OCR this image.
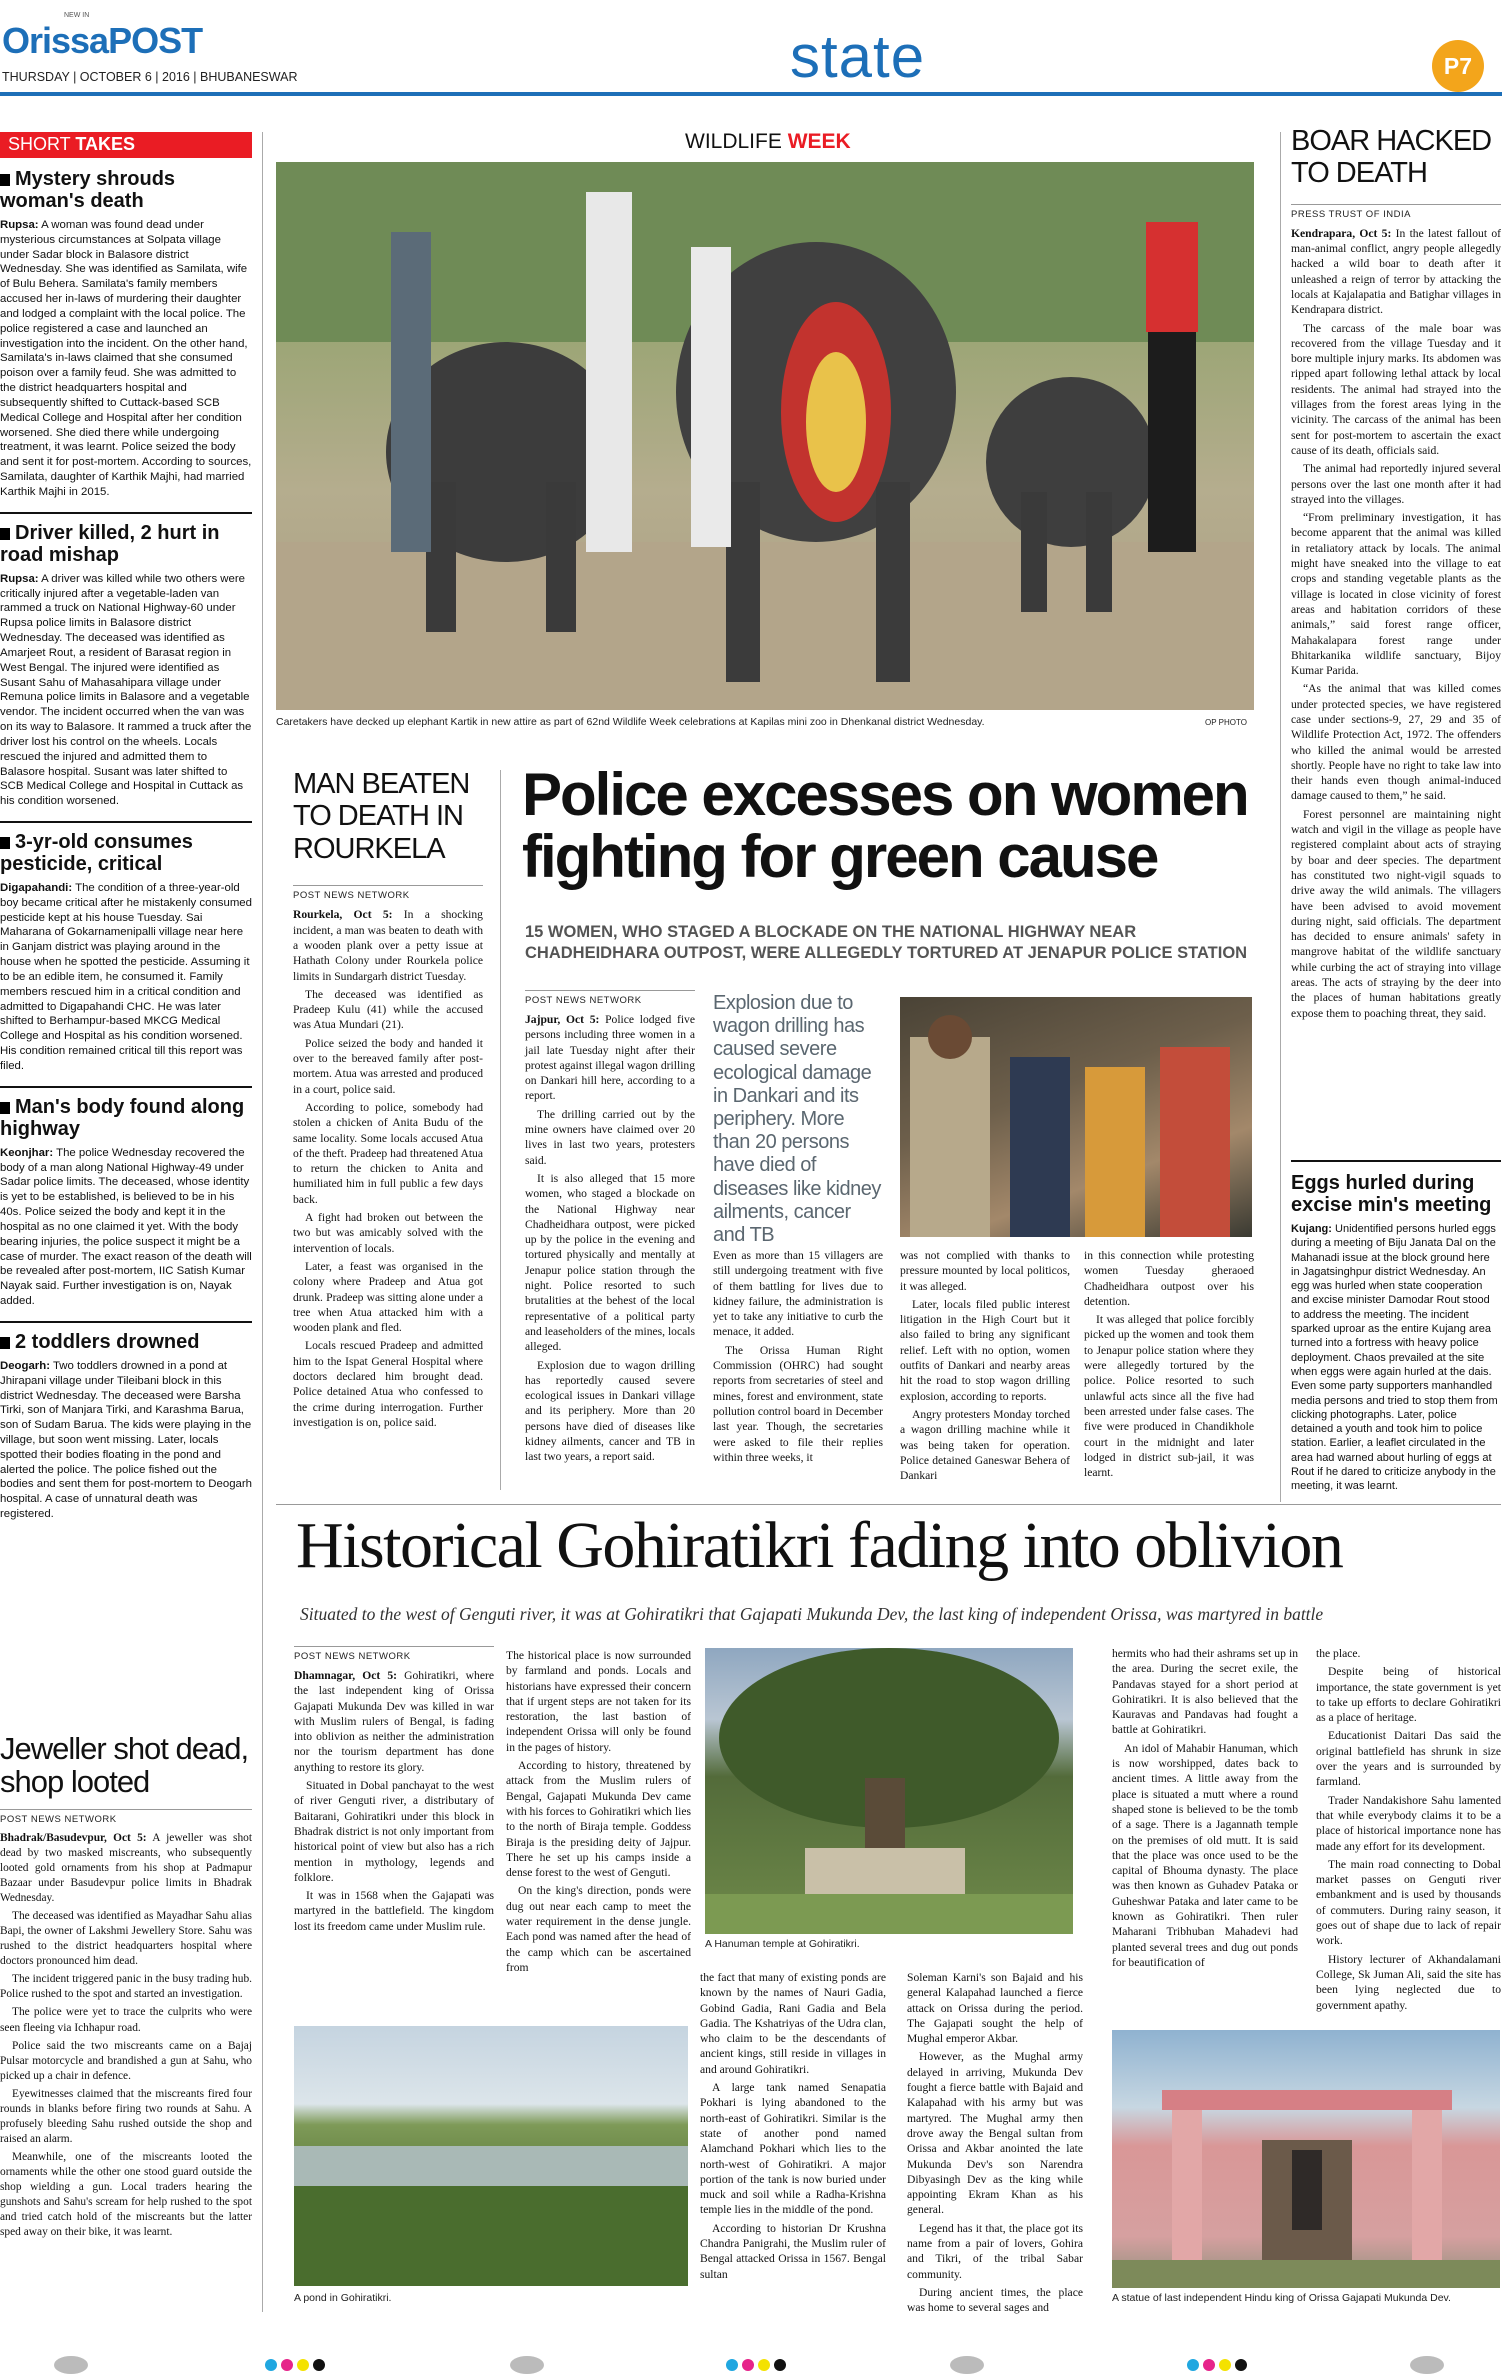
NEW IN
OrissaPOST
THURSDAY | OCTOBER 6 | 2016 | BHUBANESWAR	state	P7
SHORT TAKES
Mystery shrouds woman's death
Rupsa: A woman was found dead under mysterious circumstances at Solpata village under Sadar block in Balasore district Wednesday. She was identified as Samilata, wife of Bulu Behera. Samilata's family members accused her in-laws of murdering their daughter and lodged a complaint with the local police. The police registered a case and launched an investigation into the incident. On the other hand, Samilata's in-laws claimed that she consumed poison over a family feud. She was admitted to the district headquarters hospital and subsequently shifted to Cuttack-based SCB Medical College and Hospital after her condition worsened. She died there while undergoing treatment, it was learnt. Police seized the body and sent it for post-mortem. According to sources, Samilata, daughter of Karthik Majhi, had married Karthik Majhi in 2015.
Driver killed, 2 hurt in road mishap
Rupsa: A driver was killed while two others were critically injured after a vegetable-laden van rammed a truck on National Highway-60 under Rupsa police limits in Balasore district Wednesday. The deceased was identified as Amarjeet Rout, a resident of Barasat region in West Bengal. The injured were identified as Susant Sahu of Mahasahipara village under Remuna police limits in Balasore and a vegetable vendor. The incident occurred when the van was on its way to Balasore. It rammed a truck after the driver lost his control on the wheels. Locals rescued the injured and admitted them to Balasore hospital. Susant was later shifted to SCB Medical College and Hospital in Cuttack as his condition worsened.
3-yr-old consumes pesticide, critical
Digapahandi: The condition of a three-year-old boy became critical after he mistakenly consumed pesticide kept at his house Tuesday. Sai Maharana of Gokarnamenipalli village near here in Ganjam district was playing around in the house when he spotted the pesticide. Assuming it to be an edible item, he consumed it. Family members rescued him in a critical condition and admitted to Digapahandi CHC. He was later shifted to Berhampur-based MKCG Medical College and Hospital as his condition worsened. His condition remained critical till this report was filed.
Man's body found along highway
Keonjhar: The police Wednesday recovered the body of a man along National Highway-49 under Sadar police limits. The deceased, whose identity is yet to be established, is believed to be in his 40s. Police seized the body and kept it in the hospital as no one claimed it yet. With the body bearing injuries, the police suspect it might be a case of murder. The exact reason of the death will be revealed after post-mortem, IIC Satish Kumar Nayak said. Further investigation is on, Nayak added.
2 toddlers drowned
Deogarh: Two toddlers drowned in a pond at Jhirapani village under Tileibani block in this district Wednesday. The deceased were Barsha Tirki, son of Manjara Tirki, and Karashma Barua, son of Sudam Barua. The kids were playing in the village, but soon went missing. Later, locals spotted their bodies floating in the pond and alerted the police. The police fished out the bodies and sent them for post-mortem to Deogarh hospital. A case of unnatural death was registered.
Jeweller shot dead, shop looted
POST NEWS NETWORK

Bhadrak/Basudevpur, Oct 5: A jeweller was shot dead by two masked miscreants, who subsequently looted gold ornaments from his shop at Padmapur Bazaar under Basudevpur police limits in Bhadrak Wednesday.

The deceased was identified as Mayadhar Sahu alias Bapi, the owner of Lakshmi Jewellery Store. Sahu was rushed to the district headquarters hospital where doctors pronounced him dead.

The incident triggered panic in the busy trading hub. Police rushed to the spot and started an investigation.

The police were yet to trace the culprits who were seen fleeing via Ichhapur road.

Police said the two miscreants came on a Bajaj Pulsar motorcycle and brandished a gun at Sahu, who picked up a chair in defence.

Eyewitnesses claimed that the miscreants fired four rounds in blanks before firing two rounds at Sahu. A profusely bleeding Sahu rushed outside the shop and raised an alarm.

Meanwhile, one of the miscreants looted the ornaments while the other one stood guard outside the shop wielding a gun. Local traders hearing the gunshots and Sahu's scream for help rushed to the spot and tried catch hold of the miscreants but the latter sped away on their bike, it was learnt.

WILDLIFE WEEK
Caretakers have decked up elephant Kartik in new attire as part of 62nd Wildlife Week celebrations at Kapilas mini zoo in Dhenkanal district Wednesday.	OP PHOTO
BOAR HACKED
TO DEATH
PRESS TRUST OF INDIA

Kendrapara, Oct 5: In the latest fallout of man-animal conflict, angry people allegedly hacked a wild boar to death after it unleashed a reign of terror by attacking the locals at Kajalapatia and Batighar villages in Kendrapara district.

The carcass of the male boar was recovered from the village Tuesday and it bore multiple injury marks. Its abdomen was ripped apart following lethal attack by local residents. The animal had strayed into the villages from the forest areas lying in the vicinity. The carcass of the animal has been sent for post-mortem to ascertain the exact cause of its death, officials said.

The animal had reportedly injured several persons over the last one month after it had strayed into the villages.

“From preliminary investigation, it has become apparent that the animal was killed in retaliatory attack by locals. The animal might have sneaked into the village to eat crops and standing vegetable plants as the village is located in close vicinity of forest areas and habitation corridors of these animals,” said forest range officer, Mahakalapara forest range under Bhitarkanika wildlife sanctuary, Bijoy Kumar Parida.

“As the animal that was killed comes under protected species, we have registered case under sections-9, 27, 29 and 35 of Wildlife Protection Act, 1972. The offenders who killed the animal would be arrested shortly. People have no right to take law into their hands even though animal-induced damage caused to them,” he said.

Forest personnel are maintaining night watch and vigil in the village as people have registered complaint about acts of straying by boar and deer species. The department has constituted two night-vigil squads to drive away the wild animals. The villagers have been advised to avoid movement during night, said officials. The department has decided to ensure animals' safety in mangrove habitat of the wildlife sanctuary while curbing the act of straying into village areas. The acts of straying by the deer into the places of human habitations greatly expose them to poaching threat, they said.

Eggs hurled during excise min's meeting
Kujang: Unidentified persons hurled eggs during a meeting of Biju Janata Dal on the Mahanadi issue at the block ground here in Jagatsinghpur district Wednesday. An egg was hurled when state cooperation and excise minister Damodar Rout stood to address the meeting. The incident sparked uproar as the entire Kujang area turned into a fortress with heavy police deployment. Chaos prevailed at the site when eggs were again hurled at the dais. Even some party supporters manhandled media persons and tried to stop them from clicking photographs. Later, police detained a youth and took him to police station. Earlier, a leaflet circulated in the area had warned about hurling of eggs at Rout if he dared to criticize anybody in the meeting, it was learnt.
MAN BEATEN
TO DEATH IN
ROURKELA
POST NEWS NETWORK

Rourkela, Oct 5: In a shocking incident, a man was beaten to death with a wooden plank over a petty issue at Hathath Colony under Rourkela police limits in Sundargarh district Tuesday.

The deceased was identified as Pradeep Kulu (41) while the accused was Atua Mundari (21).

Police seized the body and handed it over to the bereaved family after post-mortem. Atua was arrested and produced in a court, police said.

According to police, somebody had stolen a chicken of Anita Budu of the same locality. Some locals accused Atua of the theft. Pradeep had threatened Atua to return the chicken to Anita and humiliated him in full public a few days back.

A fight had broken out between the two but was amicably solved with the intervention of locals.

Later, a feast was organised in the colony where Pradeep and Atua got drunk. Pradeep was sitting alone under a tree when Atua attacked him with a wooden plank and fled.

Locals rescued Pradeep and admitted him to the Ispat General Hospital where doctors declared him brought dead. Police detained Atua who confessed to the crime during interrogation. Further investigation is on, police said.

Police excesses on women
fighting for green cause
15 WOMEN, WHO STAGED A BLOCKADE ON THE NATIONAL HIGHWAY NEAR
CHADHEIDHARA OUTPOST, WERE ALLEGEDLY TORTURED AT JENAPUR POLICE STATION
POST NEWS NETWORK

Jajpur, Oct 5: Police lodged five persons including three women in a jail late Tuesday night after their protest against illegal wagon drilling on Dankari hill here, according to a report.

The drilling carried out by the mine owners have claimed over 20 lives in last two years, protesters said.

It is also alleged that 15 more women, who staged a blockade on the National Highway near Chadheidhara outpost, were picked up by the police in the evening and tortured physically and mentally at Jenapur police station through the night. Police resorted to such brutalities at the behest of the local representative of a political party and leaseholders of the mines, locals alleged.

Explosion due to wagon drilling has reportedly caused severe ecological issues in Dankari village and its periphery. More than 20 persons have died of diseases like kidney ailments, cancer and TB in last two years, a report said.

Explosion due to wagon drilling has caused severe ecological damage in Dankari and its periphery. More than 20 persons have died of diseases like kidney ailments, cancer and TB

Even as more than 15 villagers are still undergoing treatment with five of them battling for lives due to kidney failure, the administration is yet to take any initiative to curb the menace, it added.

The Orissa Human Right Commission (OHRC) had sought reports from secretaries of steel and mines, forest and environment, state pollution control board in December last year. Though, the secretaries were asked to file their replies within three weeks, it

was not complied with thanks to pressure mounted by local politicos, it was alleged.

Later, locals filed public interest litigation in the High Court but it also failed to bring any significant relief. Left with no option, women outfits of Dankari and nearby areas hit the road to stop wagon drilling explosion, according to reports.

Angry protesters Monday torched a wagon drilling machine while it was being taken for operation. Police detained Ganeswar Behera of Dankari

in this connection while protesting women Tuesday gheraoed Chadheidhara outpost over his detention.

It was alleged that police forcibly picked up the women and took them to Jenapur police station where they were allegedly tortured by the police. Police resorted to such unlawful acts since all the five had been arrested under false cases. The five were produced in Chandikhole court in the midnight and later lodged in district sub-jail, it was learnt.

Historical Gohiratikri fading into oblivion
Situated to the west of Genguti river, it was at Gohiratikri that Gajapati Mukunda Dev, the last king of independent Orissa, was martyred in battle
POST NEWS NETWORK

Dhamnagar, Oct 5: Gohiratikri, where the last independent king of Orissa Gajapati Mukunda Dev was killed in war with Muslim rulers of Bengal, is fading into oblivion as neither the administration nor the tourism department has done anything to restore its glory.

Situated in Dobal panchayat to the west of river Genguti river, a distributary of Baitarani, Gohiratikri under this block in Bhadrak district is not only important from historical point of view but also has a rich mention in mythology, legends and folklore.

It was in 1568 when the Gajapati was martyred in the battlefield. The kingdom lost its freedom came under Muslim rule.

The historical place is now surrounded by farmland and ponds. Locals and historians have expressed their concern that if urgent steps are not taken for its restoration, the last bastion of independent Orissa will only be found in the pages of history.

According to history, threatened by attack from the Muslim rulers of Bengal, Gajapati Mukunda Dev came with his forces to Gohiratikri which lies to the north of Biraja temple. Goddess Biraja is the presiding deity of Jajpur. There he set up his camps inside a dense forest to the west of Genguti.

On the king's direction, ponds were dug out near each camp to meet the water requirement in the dense jungle. Each pond was named after the head of the camp which can be ascertained from

A Hanuman temple at Gohiratikri.

the fact that many of existing ponds are known by the names of Nauri Gadia, Gobind Gadia, Rani Gadia and Bela Gadia. The Kshatriyas of the Udra clan, who claim to be the descendants of ancient kings, still reside in villages in and around Gohiratikri.

A large tank named Senapatia Pokhari is lying abandoned to the north-east of Gohiratikri. Similar is the state of another pond named Alamchand Pokhari which lies to the north-west of Gohiratikri. A major portion of the tank is now buried under muck and soil while a Radha-Krishna temple lies in the middle of the pond.

According to historian Dr Krushna Chandra Panigrahi, the Muslim ruler of Bengal attacked Orissa in 1567. Bengal sultan

Soleman Karni's son Bajaid and his general Kalapahad launched a fierce attack on Orissa during the period. The Gajapati sought the help of Mughal emperor Akbar.

However, as the Mughal army delayed in arriving, Mukunda Dev fought a fierce battle with Bajaid and Kalapahad with his army but was martyred. The Mughal army then drove away the Bengal sultan from Orissa and Akbar anointed the late Mukunda Dev's son Narendra Dibyasingh Dev as the king while appointing Ekram Khan as his general.

Legend has it that, the place got its name from a pair of lovers, Gohira and Tikri, of the tribal Sabar community.

During ancient times, the place was home to several sages and

hermits who had their ashrams set up in the area. During the secret exile, the Pandavas stayed for a short period at Gohiratikri. It is also believed that the Kauravas and Pandavas had fought a battle at Gohiratikri.

An idol of Mahabir Hanuman, which is now worshipped, dates back to ancient times. A little away from the place is situated a mutt where a round shaped stone is believed to be the tomb of a sage. There is a Jagannath temple on the premises of old mutt. It is said that the place was once used to be the capital of Bhouma dynasty. The place was then known as Guhadev Pataka or Guheshwar Pataka and later came to be known as Gohiratikri. Then ruler Maharani Tribhuban Mahadevi had planted several trees and dug out ponds for beautification of

the place.

Despite being of historical importance, the state government is yet to take up efforts to declare Gohiratikri as a place of heritage.

Educationist Daitari Das said the original battlefield has shrunk in size over the years and is surrounded by farmland.

Trader Nandakishore Sahu lamented that while everybody claims it to be a place of historical importance none has made any effort for its development.

The main road connecting to Dobal market passes on Genguti river embankment and is used by thousands of commuters. During rainy season, it goes out of shape due to lack of repair work.

History lecturer of Akhandalamani College, Sk Juman Ali, said the site has been lying neglected due to government apathy.

A pond in Gohiratikri.	A statue of last independent Hindu king of Orissa Gajapati Mukunda Dev.
